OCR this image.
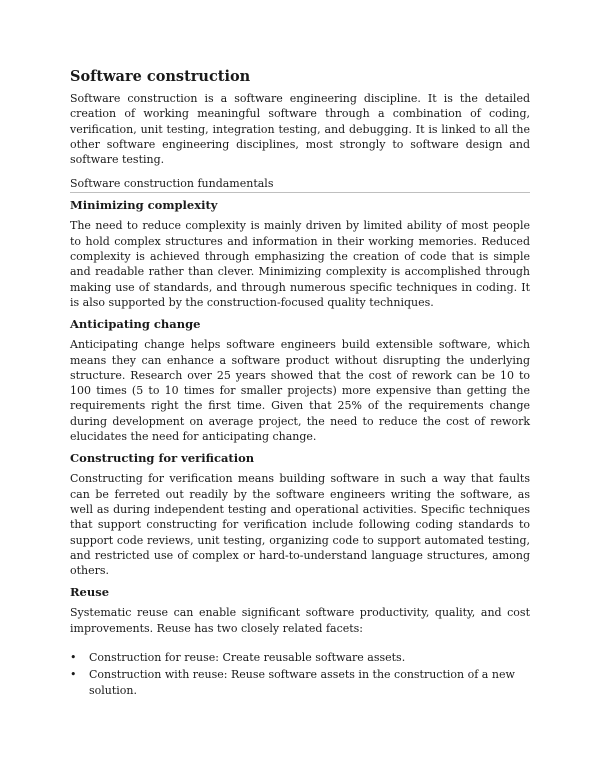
Software construction

Software construction is a software engineering discipline. It is the detailed creation of working meaningful software through a combination of coding, verification, unit testing, integration testing, and debugging. It is linked to all the other software engineering disciplines, most strongly to software design and software testing.

Software construction fundamentals
Minimizing complexity

The need to reduce complexity is mainly driven by limited ability of most people to hold complex structures and information in their working memories. Reduced complexity is achieved through emphasizing the creation of code that is simple and readable rather than clever. Minimizing complexity is accomplished through making use of standards, and through numerous specific techniques in coding. It is also supported by the construction-focused quality techniques.

Anticipating change

Anticipating change helps software engineers build extensible software, which means they can enhance a software product without disrupting the underlying structure. Research over 25 years showed that the cost of rework can be 10 to 100 times (5 to 10 times for smaller projects) more expensive than getting the requirements right the first time. Given that 25% of the requirements change during development on average project, the need to reduce the cost of rework elucidates the need for anticipating change.

Constructing for verification

Constructing for verification means building software in such a way that faults can be ferreted out readily by the software engineers writing the software, as well as during independent testing and operational activities. Specific techniques that support constructing for verification include following coding standards to support code reviews, unit testing, organizing code to support automated testing, and restricted use of complex or hard-to-understand language structures, among others.

Reuse

Systematic reuse can enable significant software productivity, quality, and cost improvements. Reuse has two closely related facets:

• Construction for reuse: Create reusable software assets.
• Construction with reuse: Reuse software assets in the construction of a new solution.
